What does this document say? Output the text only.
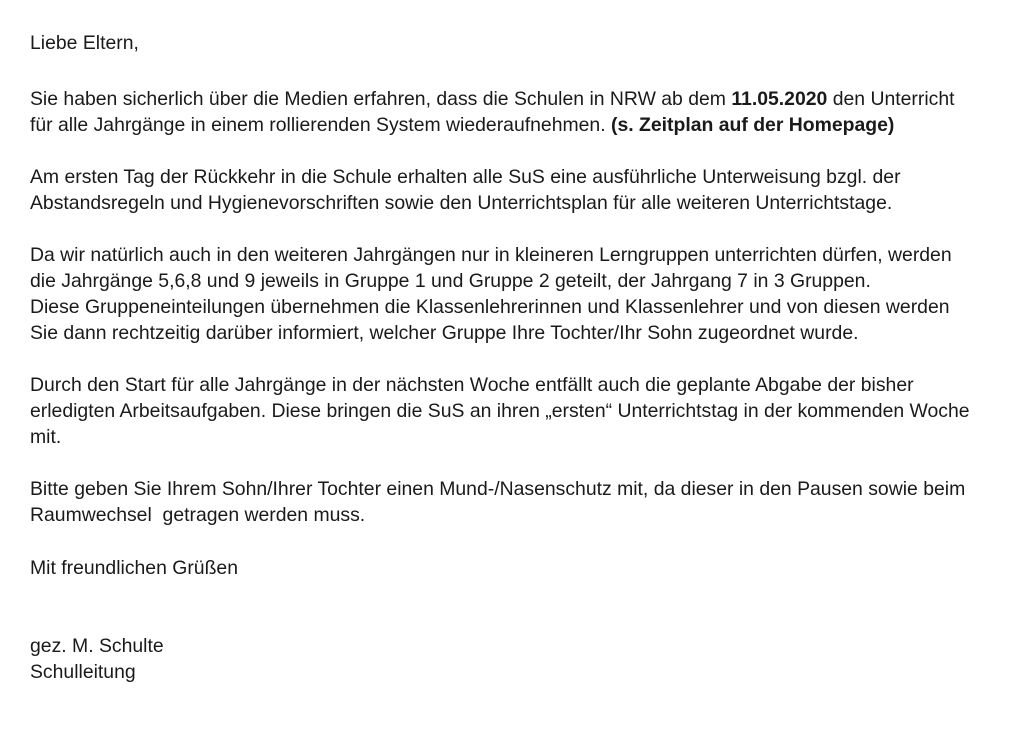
Liebe Eltern,

Sie haben sicherlich über die Medien erfahren, dass die Schulen in NRW ab dem 11.05.2020 den Unterricht
für alle Jahrgänge in einem rollierenden System wiederaufnehmen. (s. Zeitplan auf der Homepage)

Am ersten Tag der Rückkehr in die Schule erhalten alle SuS eine ausführliche Unterweisung bzgl. der
Abstandsregeln und Hygienevorschriften sowie den Unterrichtsplan für alle weiteren Unterrichtstage.

Da wir natürlich auch in den weiteren Jahrgängen nur in kleineren Lerngruppen unterrichten dürfen, werden
die Jahrgänge 5,6,8 und 9 jeweils in Gruppe 1 und Gruppe 2 geteilt, der Jahrgang 7 in 3 Gruppen.
Diese Gruppeneinteilungen übernehmen die Klassenlehrerinnen und Klassenlehrer und von diesen werden
Sie dann rechtzeitig darüber informiert, welcher Gruppe Ihre Tochter/Ihr Sohn zugeordnet wurde.

Durch den Start für alle Jahrgänge in der nächsten Woche entfällt auch die geplante Abgabe der bisher
erledigten Arbeitsaufgaben. Diese bringen die SuS an ihren „ersten“ Unterrichtstag in der kommenden Woche
mit.

Bitte geben Sie Ihrem Sohn/Ihrer Tochter einen Mund-/Nasenschutz mit, da dieser in den Pausen sowie beim
Raumwechsel  getragen werden muss.

Mit freundlichen Grüßen

gez. M. Schulte
Schulleitung
